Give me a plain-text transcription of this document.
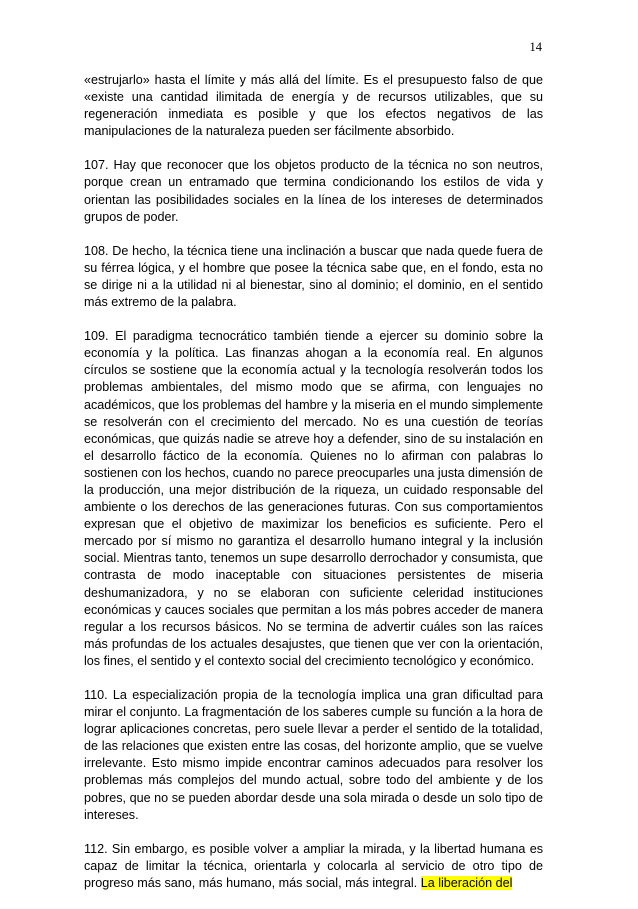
14

«estrujarlo» hasta el límite y más allá del límite. Es el presupuesto falso de que «existe una cantidad ilimitada de energía y de recursos utilizables, que su regeneración inmediata es posible y que los efectos negativos de las manipulaciones de la naturaleza pueden ser fácilmente absorbido.

107. Hay que reconocer que los objetos producto de la técnica no son neutros, porque crean un entramado que termina condicionando los estilos de vida y orientan las posibilidades sociales en la línea de los intereses de determinados grupos de poder.

108. De hecho, la técnica tiene una inclinación a buscar que nada quede fuera de su férrea lógica, y el hombre que posee la técnica sabe que, en el fondo, esta no se dirige ni a la utilidad ni al bienestar, sino al dominio; el dominio, en el sentido más extremo de la palabra.

109. El paradigma tecnocrático también tiende a ejercer su dominio sobre la economía y la política. Las finanzas ahogan a la economía real. En algunos círculos se sostiene que la economía actual y la tecnología resolverán todos los problemas ambientales, del mismo modo que se afirma, con lenguajes no académicos, que los problemas del hambre y la miseria en el mundo simplemente se resolverán con el crecimiento del mercado. No es una cuestión de teorías económicas, que quizás nadie se atreve hoy a defender, sino de su instalación en el desarrollo fáctico de la economía. Quienes no lo afirman con palabras lo sostienen con los hechos, cuando no parece preocuparles una justa dimensión de la producción, una mejor distribución de la riqueza, un cuidado responsable del ambiente o los derechos de las generaciones futuras. Con sus comportamientos expresan que el objetivo de maximizar los beneficios es suficiente. Pero el mercado por sí mismo no garantiza el desarrollo humano integral y la inclusión social. Mientras tanto, tenemos un supe desarrollo derrochador y consumista, que contrasta de modo inaceptable con situaciones persistentes de miseria deshumanizadora, y no se elaboran con suficiente celeridad instituciones económicas y cauces sociales que permitan a los más pobres acceder de manera regular a los recursos básicos. No se termina de advertir cuáles son las raíces más profundas de los actuales desajustes, que tienen que ver con la orientación, los fines, el sentido y el contexto social del crecimiento tecnológico y económico.

110. La especialización propia de la tecnología implica una gran dificultad para mirar el conjunto. La fragmentación de los saberes cumple su función a la hora de lograr aplicaciones concretas, pero suele llevar a perder el sentido de la totalidad, de las relaciones que existen entre las cosas, del horizonte amplio, que se vuelve irrelevante. Esto mismo impide encontrar caminos adecuados para resolver los problemas más complejos del mundo actual, sobre todo del ambiente y de los pobres, que no se pueden abordar desde una sola mirada o desde un solo tipo de intereses.

112. Sin embargo, es posible volver a ampliar la mirada, y la libertad humana es capaz de limitar la técnica, orientarla y colocarla al servicio de otro tipo de progreso más sano, más humano, más social, más integral. La liberación del
